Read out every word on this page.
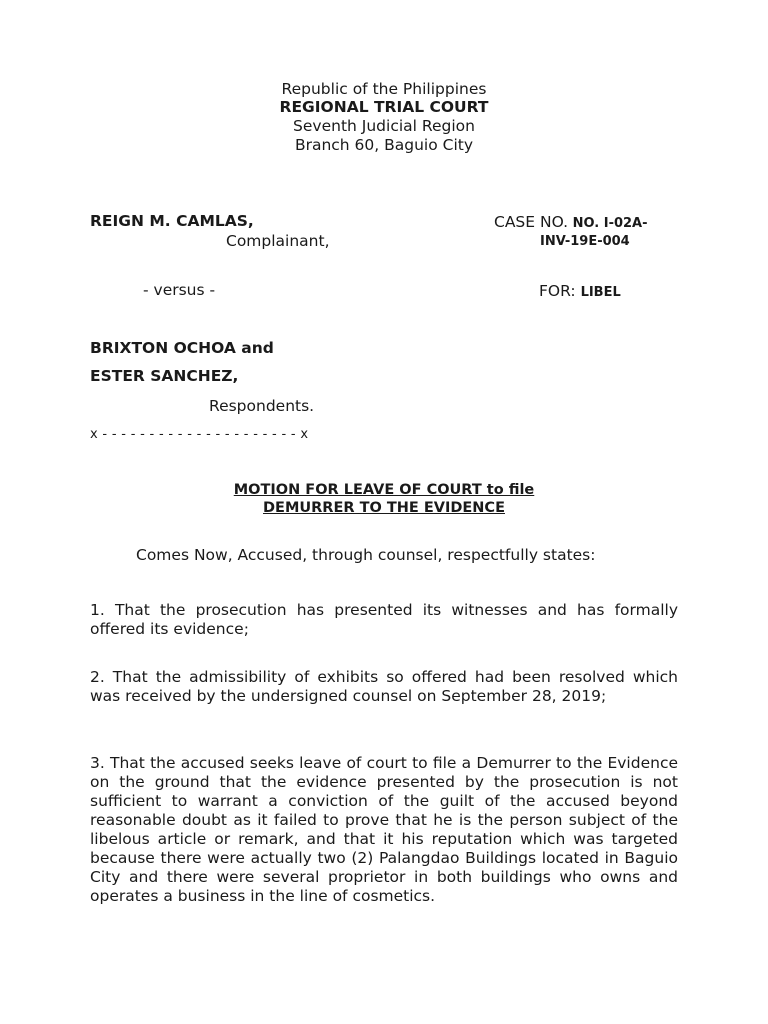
Republic of the Philippines
REGIONAL TRIAL COURT
Seventh Judicial Region
Branch 60, Baguio City
REIGN M. CAMLAS,
Complainant,
CASE NO. NO. I-02A-
INV-19E-004
- versus -	FOR: LIBEL
BRIXTON OCHOA and
ESTER SANCHEZ,
Respondents.
x - - - - - - - - - - - - - - - - - - - - - x
MOTION FOR LEAVE OF COURT to file
DEMURRER TO THE EVIDENCE
Comes Now, Accused, through counsel, respectfully states:
1. That the prosecution has presented its witnesses and has formally offered its evidence;
2. That the admissibility of exhibits so offered had been resolved which was received by the undersigned counsel on September 28, 2019;
3. That the accused seeks leave of court to file a Demurrer to the Evidence on the ground that the evidence presented by the prosecution is not sufficient to warrant a conviction of the guilt of the accused beyond reasonable doubt as it failed to prove that he is the person subject of the libelous article or remark, and that it his reputation which was targeted because there were actually two (2) Palangdao Buildings located in Baguio City and there were several proprietor in both buildings who owns and operates a business in the line of cosmetics.
